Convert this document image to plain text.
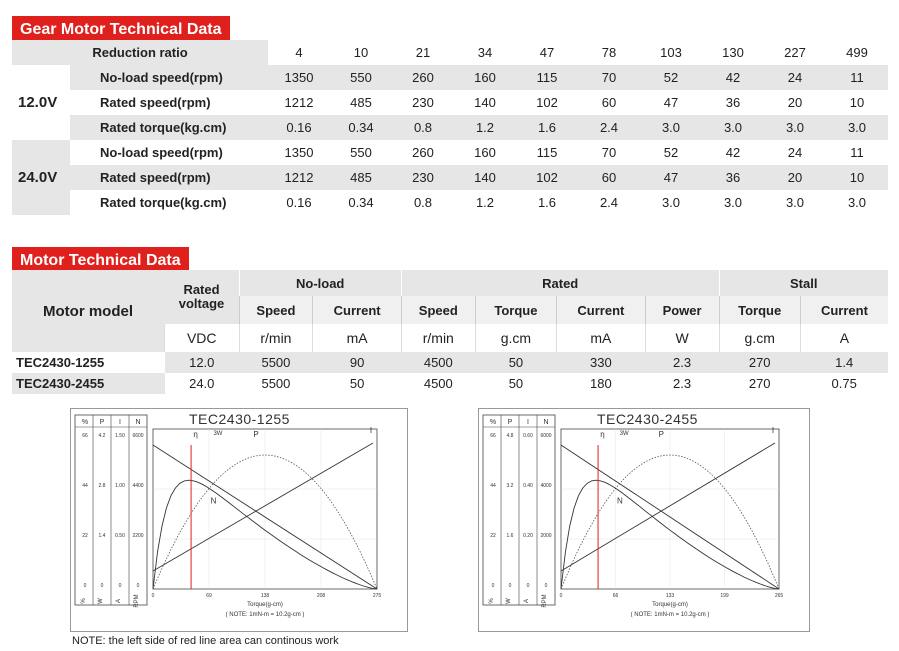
Gear Motor Technical Data
Reduction ratio		4	10	21	34	47	78	103	130	227	499
12.0V	No-load speed(rpm)	1350	550	260	160	115	70	52	42	24	11
	Rated speed(rpm)	1212	485	230	140	102	60	47	36	20	10
	Rated torque(kg.cm)	0.16	0.34	0.8	1.2	1.6	2.4	3.0	3.0	3.0	3.0
24.0V	No-load speed(rpm)	1350	550	260	160	115	70	52	42	24	11
	Rated speed(rpm)	1212	485	230	140	102	60	47	36	20	10
	Rated torque(kg.cm)	0.16	0.34	0.8	1.2	1.6	2.4	3.0	3.0	3.0	3.0
Motor Technical Data
Motor model	Rated voltage	No-load		Rated				Stall	
		Speed	Current	Speed	Torque	Current	Power	Torque	Current
	VDC	r/min	mA	r/min	g.cm	mA	W	g.cm	A
TEC2430-1255	12.0	5500	90	4500	50	330	2.3	270	1.4
TEC2430-2455	24.0	5500	50	4500	50	180	2.3	270	0.75
TEC2430-1255
% P I N
66
44
22
0
4.2
2.8
1.4
0
1.50
1.00
0.50
0
6600
4400
2200
0
% W A RPM 0	69	138	208	275
Torque(g-cm)
( NOTE: 1mN-m = 10.2g-cm )
η	3W	P	I
N
TEC2430-2455
% P I N
66
44
22
0
4.8
3.2
1.6
0
0.60
0.40
0.20
0
6000
4000
2000
0
% W A RPM 0	66	133	199	265
Torque(g-cm)
( NOTE: 1mN-m = 10.2g-cm )
η	3W	P	I
N
NOTE: the left side of red line area can continous work
